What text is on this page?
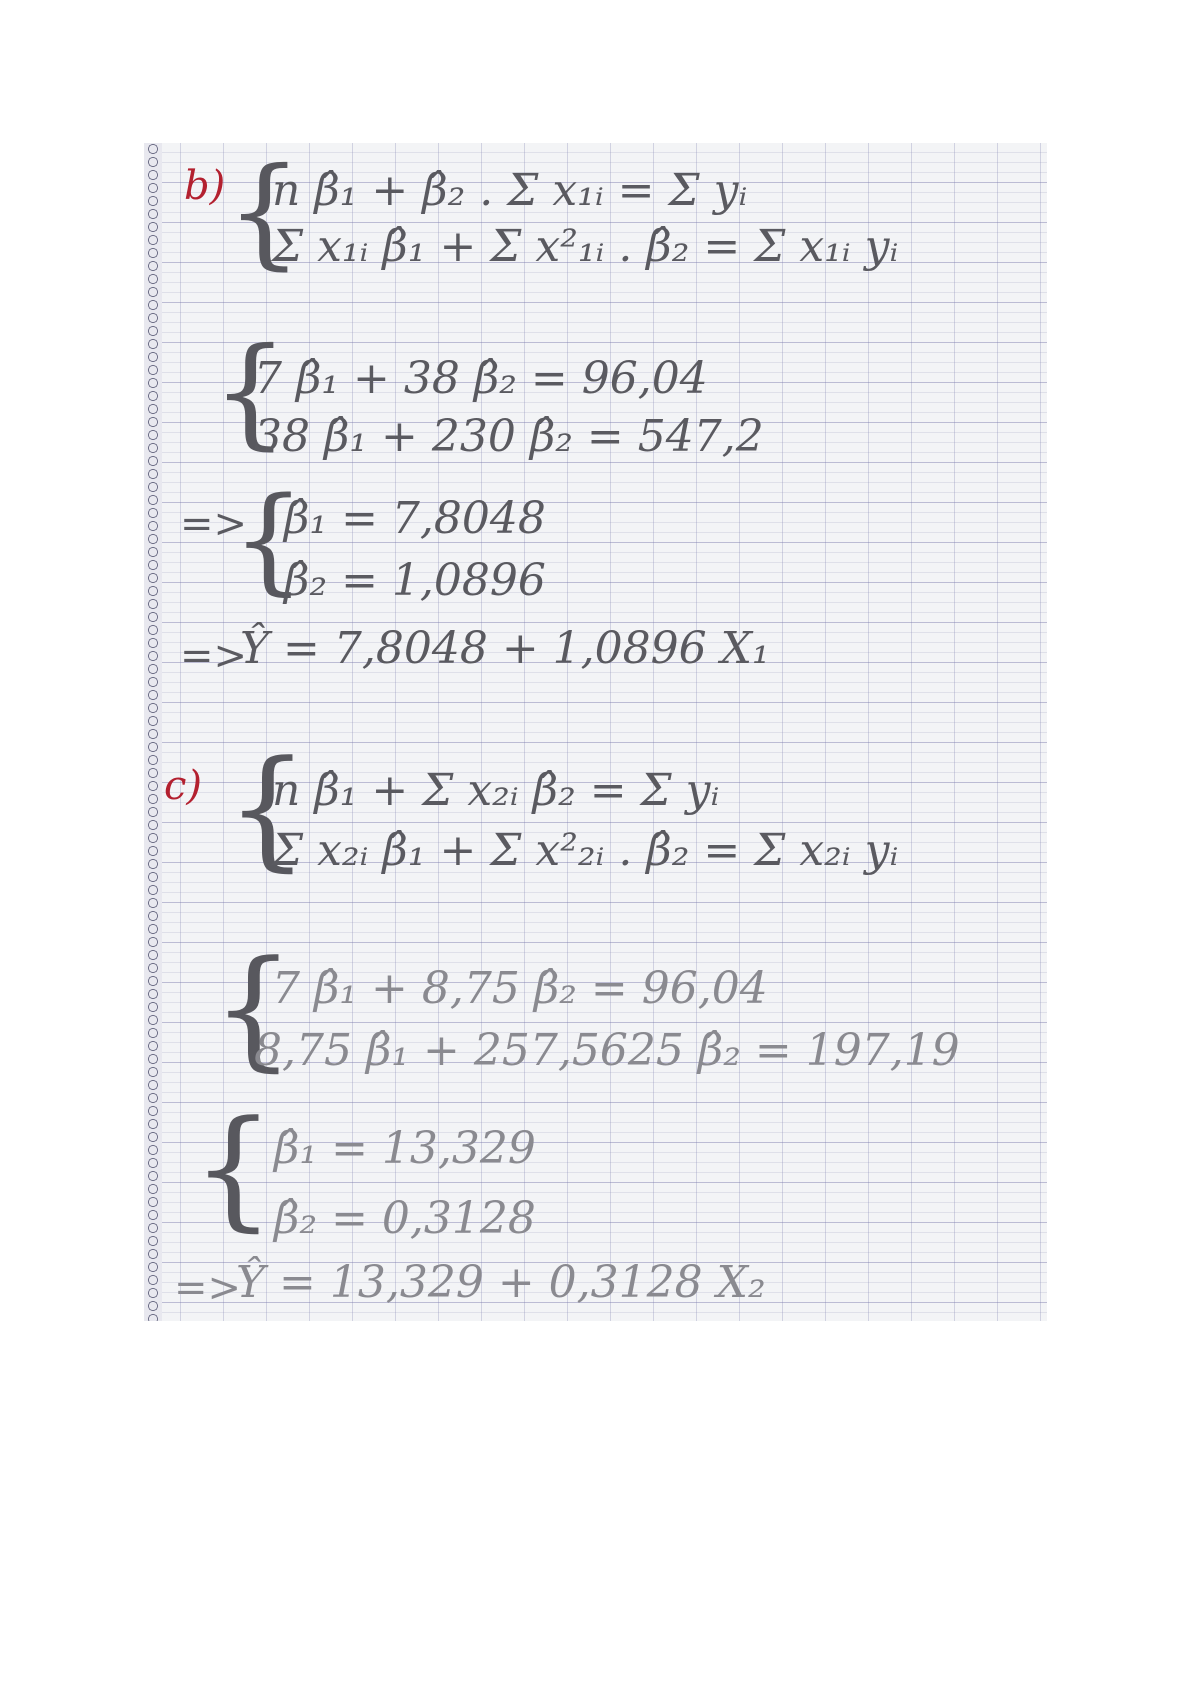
b) {
n β̂₁ + β̂₂ . Σ x₁ᵢ = Σ yᵢ
Σ x₁ᵢ β̂₁ + Σ x²₁ᵢ . β̂₂ = Σ x₁ᵢ yᵢ
{
7 β̂₁ + 38 β̂₂ = 96,04
38 β̂₁ + 230 β̂₂ = 547,2
=>
{
β̂₁ = 7,8048
β̂₂ = 1,0896
=>
Ŷ = 7,8048 + 1,0896 X₁
c) {
n β̂₁ + Σ x₂ᵢ β̂₂ = Σ yᵢ
Σ x₂ᵢ β̂₁ + Σ x²₂ᵢ . β̂₂ = Σ x₂ᵢ yᵢ
{
7 β̂₁ + 8,75 β̂₂ = 96,04
8,75 β̂₁ + 257,5625 β̂₂ = 197,19
{ β̂₁ = 13,329
β̂₂ = 0,3128
=>
Ŷ = 13,329 + 0,3128 X₂
